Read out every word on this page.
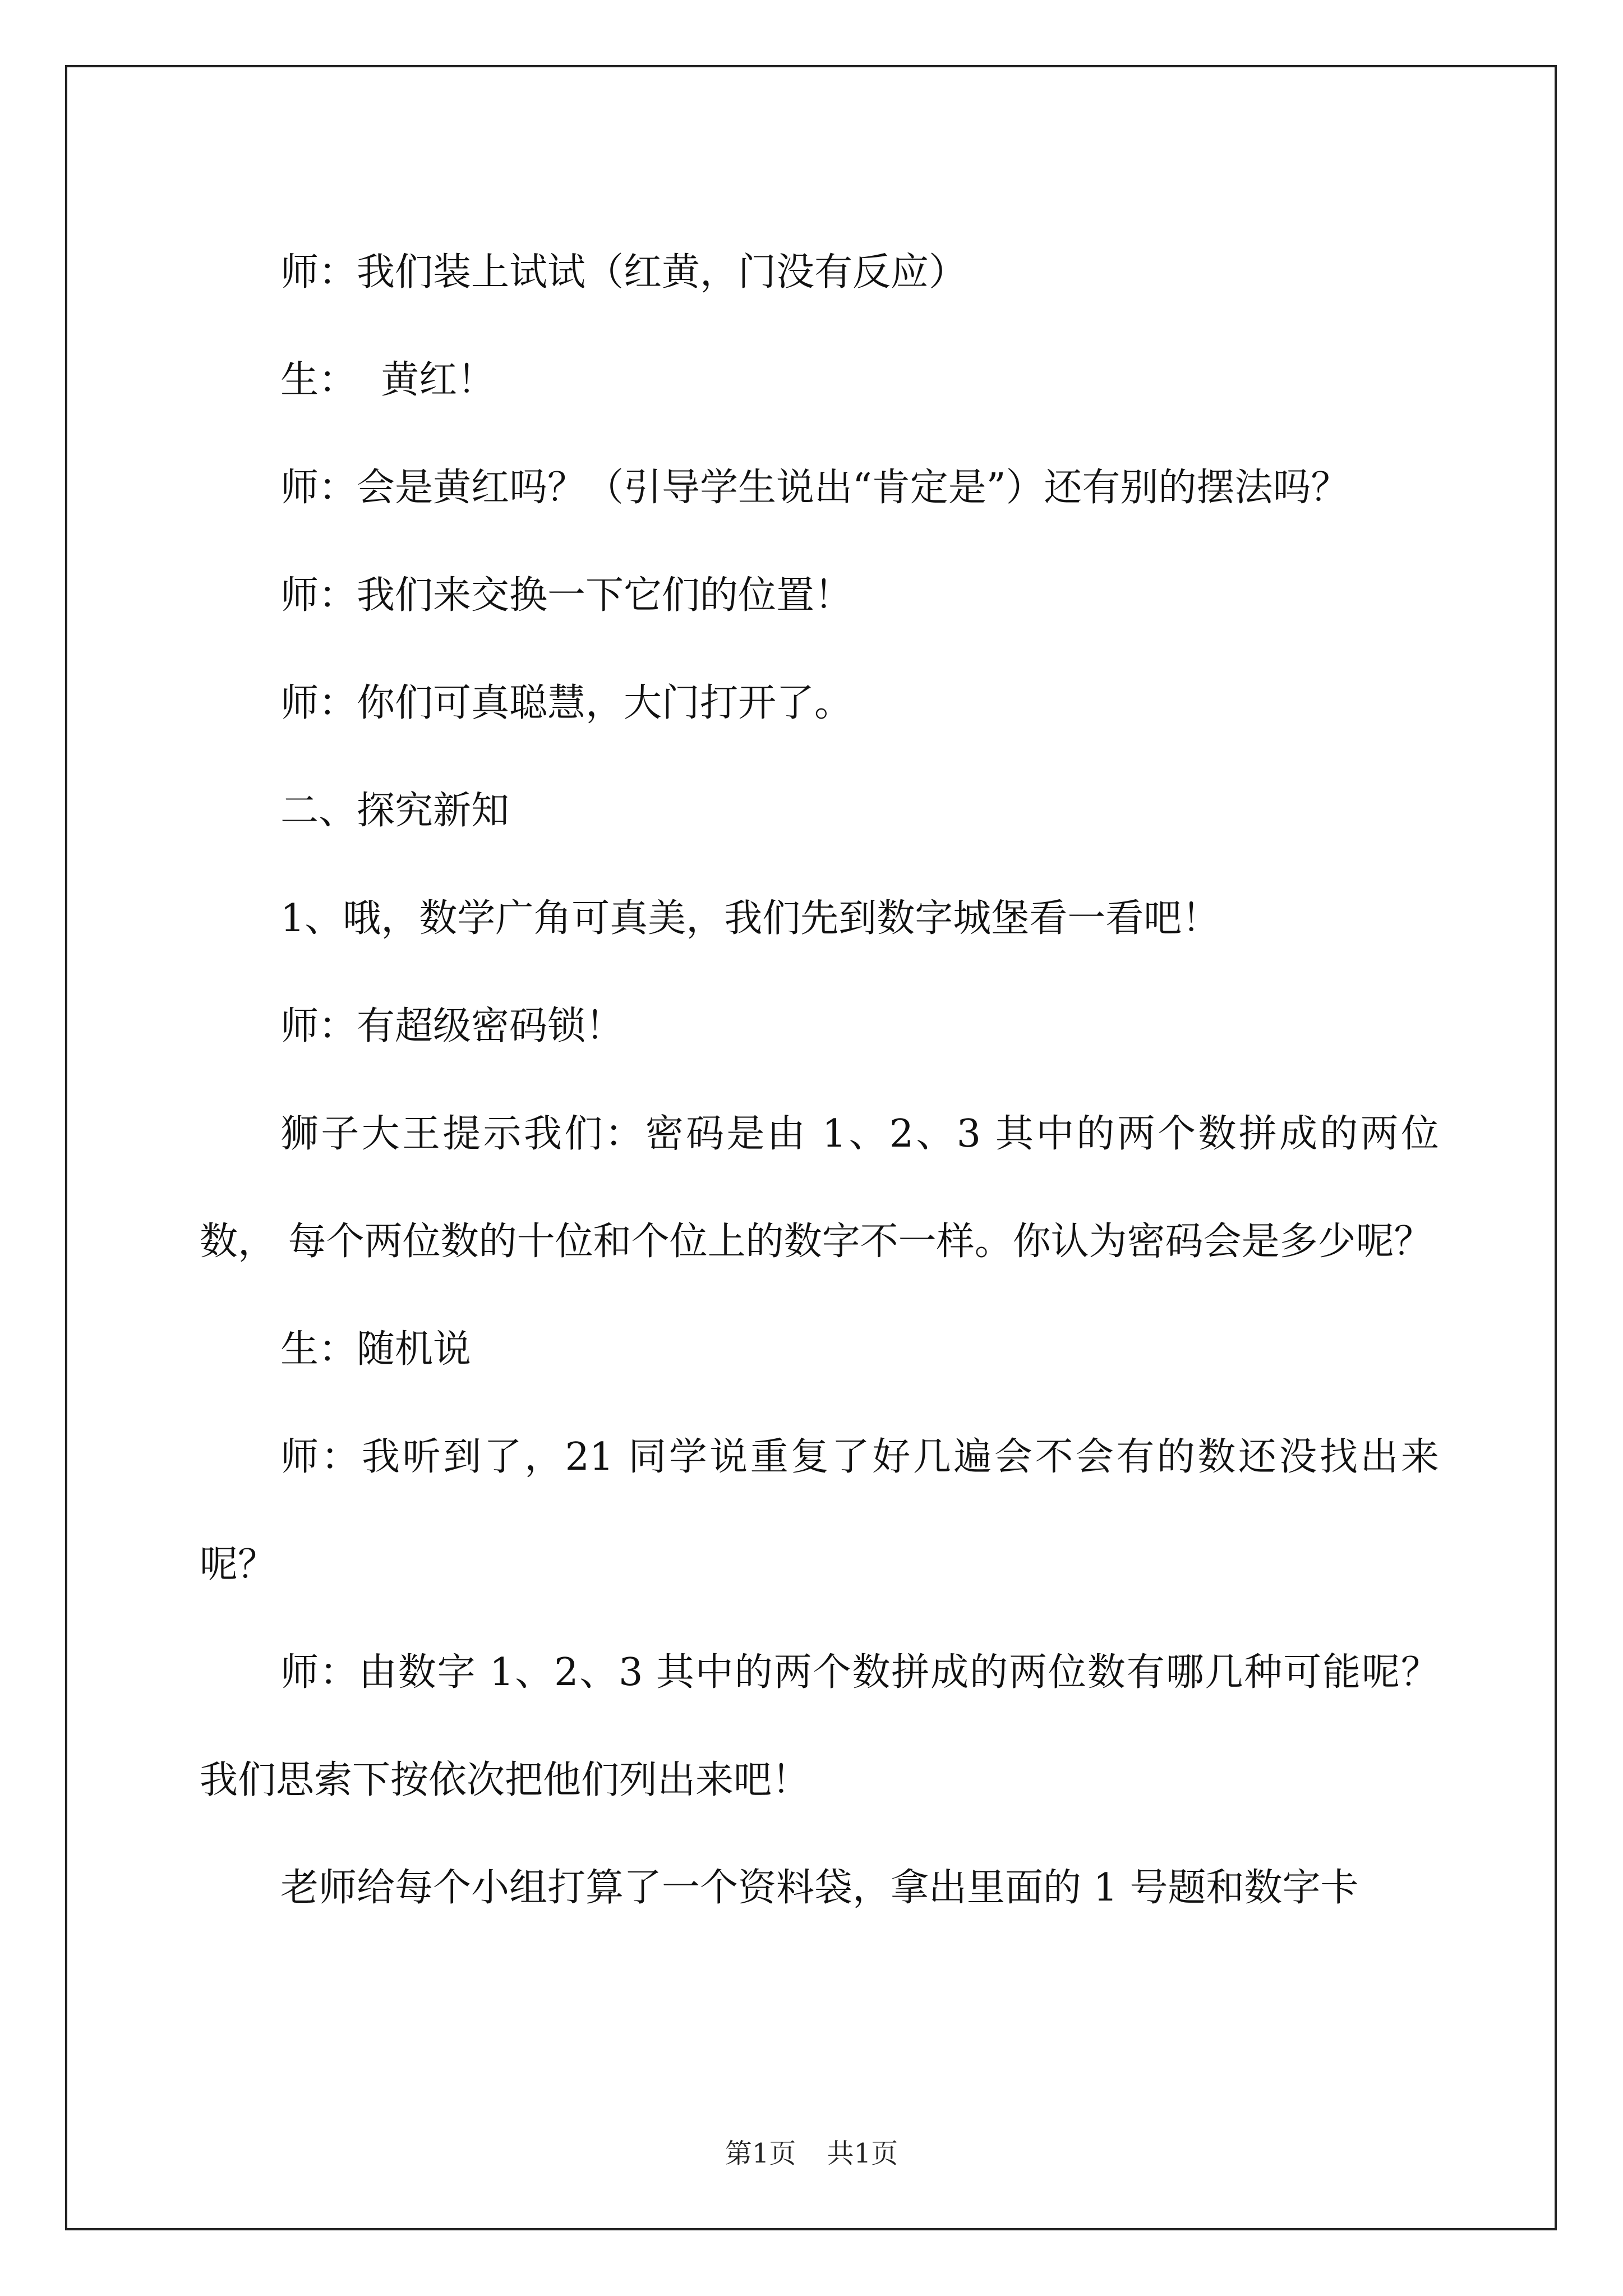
师：我们装上试试（红黄，门没有反应）

生：  黄红！

师：会是黄红吗？（引导学生说出“肯定是”）还有别的摆法吗？

师：我们来交换一下它们的位置！

师：你们可真聪慧，大门打开了。

二、探究新知

1、哦，数学广角可真美，我们先到数字城堡看一看吧！

师：有超级密码锁！

狮子大王提示我们：密码是由 1、2、3 其中的两个数拼成的两位数， 每个两位数的十位和个位上的数字不一样。你认为密码会是多少呢？

生：随机说

师：我听到了，21 同学说重复了好几遍会不会有的数还没找出来呢？

师：由数字 1、2、3 其中的两个数拼成的两位数有哪几种可能呢？我们思索下按依次把他们列出来吧！

老师给每个小组打算了一个资料袋，拿出里面的 1 号题和数字卡

第1页 共1页
